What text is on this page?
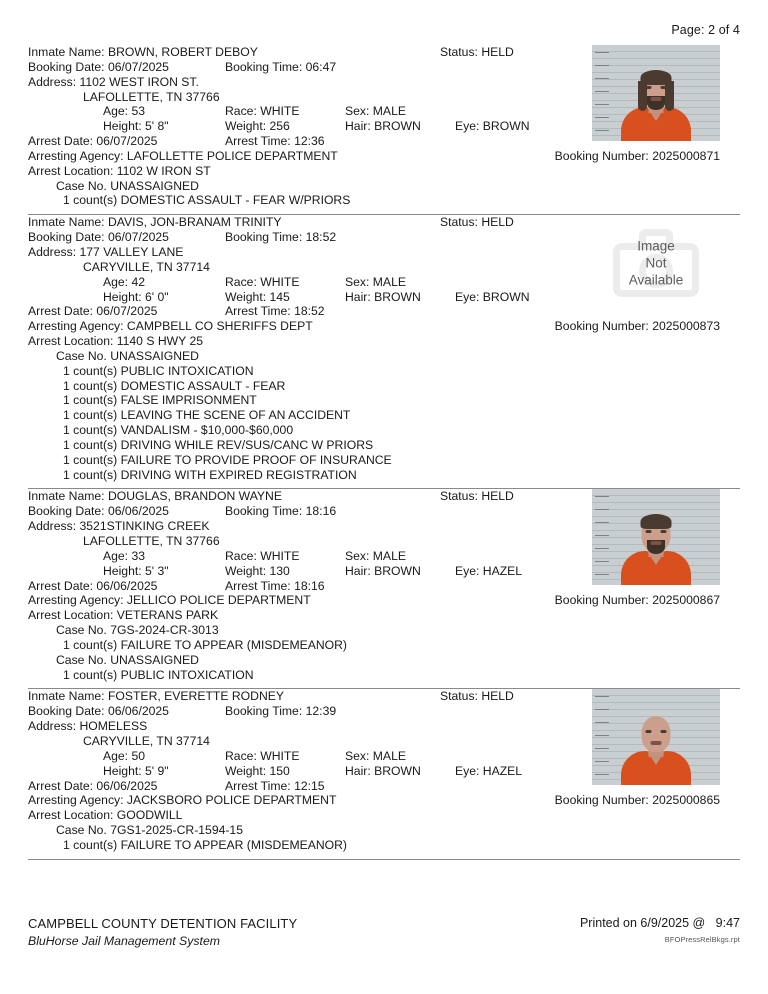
Page: 2 of 4
Booking Number: 2025000871
Inmate Name: BROWN, ROBERT DEBOY	Status: HELD
Booking Date: 06/07/2025	Booking Time: 06:47
Address: 1102 WEST IRON ST.
LAFOLLETTE, TN 37766
Age: 53	Race: WHITE	Sex: MALE
Height: 5' 8"	Weight: 256	Hair: BROWN	Eye: BROWN
Arrest Date: 06/07/2025	Arrest Time: 12:36
Arresting Agency: LAFOLLETTE POLICE DEPARTMENT
Arrest Location: 1102 W IRON ST
Case No. UNASSAIGNED
1 count(s) DOMESTIC ASSAULT - FEAR W/PRIORS
Image
Not
Available
Booking Number: 2025000873
Inmate Name: DAVIS, JON-BRANAM TRINITY	Status: HELD
Booking Date: 06/07/2025	Booking Time: 18:52
Address: 177 VALLEY LANE
CARYVILLE, TN 37714
Age: 42	Race: WHITE	Sex: MALE
Height: 6' 0"	Weight: 145	Hair: BROWN	Eye: BROWN
Arrest Date: 06/07/2025	Arrest Time: 18:52
Arresting Agency: CAMPBELL CO SHERIFFS DEPT
Arrest Location: 1140 S HWY 25
Case No. UNASSAIGNED
1 count(s) PUBLIC INTOXICATION
1 count(s) DOMESTIC ASSAULT - FEAR
1 count(s) FALSE IMPRISONMENT
1 count(s) LEAVING THE SCENE OF AN ACCIDENT
1 count(s) VANDALISM - $10,000-$60,000
1 count(s) DRIVING WHILE REV/SUS/CANC W PRIORS
1 count(s) FAILURE TO PROVIDE PROOF OF INSURANCE
1 count(s) DRIVING WITH EXPIRED REGISTRATION
Booking Number: 2025000867
Inmate Name: DOUGLAS, BRANDON WAYNE	Status: HELD
Booking Date: 06/06/2025	Booking Time: 18:16
Address: 3521STINKING CREEK
LAFOLLETTE, TN 37766
Age: 33	Race: WHITE	Sex: MALE
Height: 5' 3"	Weight: 130	Hair: BROWN	Eye: HAZEL
Arrest Date: 06/06/2025	Arrest Time: 18:16
Arresting Agency: JELLICO POLICE DEPARTMENT
Arrest Location: VETERANS PARK
Case No. 7GS-2024-CR-3013
1 count(s) FAILURE TO APPEAR (MISDEMEANOR)
Case No. UNASSAIGNED
1 count(s) PUBLIC INTOXICATION
Booking Number: 2025000865
Inmate Name: FOSTER, EVERETTE RODNEY	Status: HELD
Booking Date: 06/06/2025	Booking Time: 12:39
Address: HOMELESS
CARYVILLE, TN 37714
Age: 50	Race: WHITE	Sex: MALE
Height: 5' 9"	Weight: 150	Hair: BROWN	Eye: HAZEL
Arrest Date: 06/06/2025	Arrest Time: 12:15
Arresting Agency: JACKSBORO POLICE DEPARTMENT
Arrest Location: GOODWILL
Case No. 7GS1-2025-CR-1594-15
1 count(s) FAILURE TO APPEAR (MISDEMEANOR)
CAMPBELL COUNTY DETENTION FACILITY
BluHorse Jail Management System
Printed on 6/9/2025 @   9:47
BFOPressRelBkgs.rpt
